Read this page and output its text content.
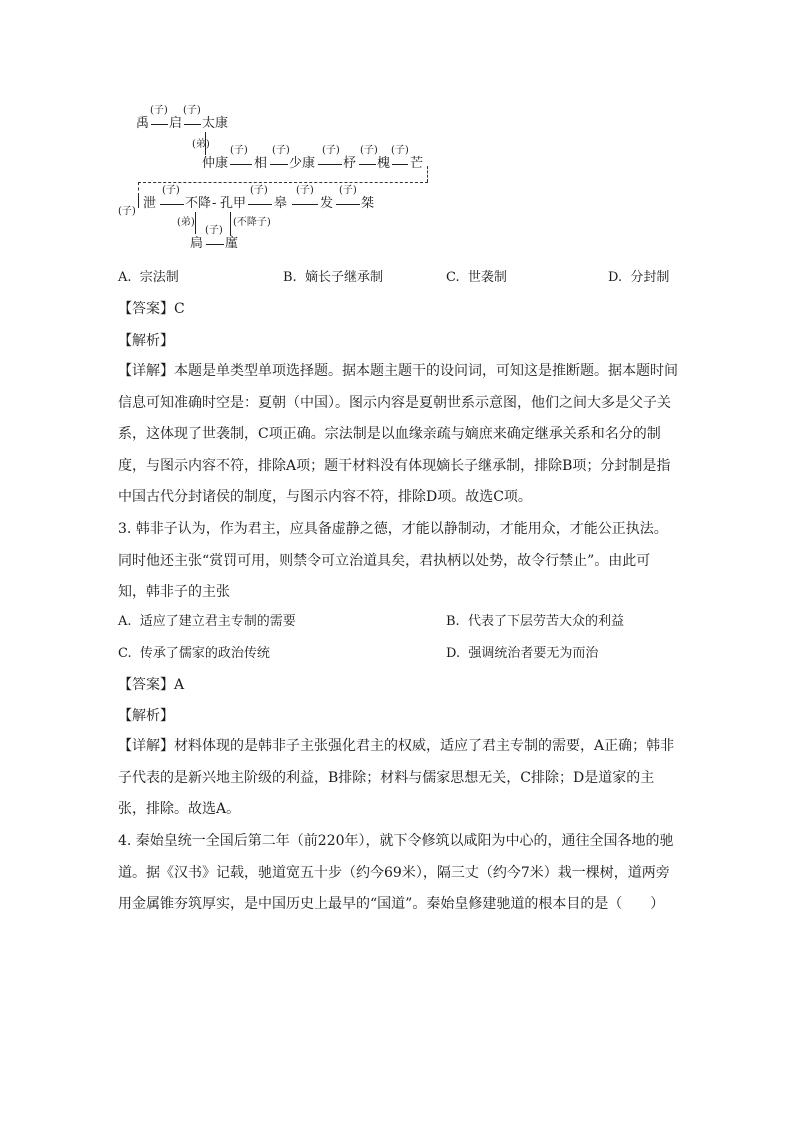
禹
(子)
启
(子)
太康
(弟)
仲康
(子)
相
(子)
少康
(子)
杼
(子)
槐
(子)
芒
(子)
泄
(子)
不降 - 孔甲
(子)
皋
(子)
发
(子)
桀
(弟)	(不降子)
扃
(子)
廑
A. 宗法制	B. 嫡长子继承制	C. 世袭制	D. 分封制
【答案】C
【解析】
【详解】本题是单类型单项选择题。据本题主题干的设问词，可知这是推断题。据本题时间信息可知准确时空是：夏朝（中国）。图示内容是夏朝世系示意图，他们之间大多是父子关系，这体现了世袭制，C项正确。宗法制是以血缘亲疏与嫡庶来确定继承关系和名分的制度，与图示内容不符，排除A项；题干材料没有体现嫡长子继承制，排除B项；分封制是指中国古代分封诸侯的制度，与图示内容不符，排除D项。故选C项。
3. 韩非子认为，作为君主，应具备虚静之德，才能以静制动，才能用众，才能公正执法。同时他还主张“赏罚可用，则禁令可立治道具矣，君执柄以处势，故令行禁止”。由此可知，韩非子的主张
A. 适应了建立君主专制的需要	B. 代表了下层劳苦大众的利益
C. 传承了儒家的政治传统	D. 强调统治者要无为而治
【答案】A
【解析】
【详解】材料体现的是韩非子主张强化君主的权威，适应了君主专制的需要，A正确；韩非子代表的是新兴地主阶级的利益，B排除；材料与儒家思想无关，C排除；D是道家的主张，排除。故选A。
4. 秦始皇统一全国后第二年（前220年），就下令修筑以咸阳为中心的，通往全国各地的驰道。据《汉书》记载，驰道宽五十步（约今69米），隔三丈（约今7米）栽一棵树，道两旁用金属锥夯筑厚实，是中国历史上最早的“国道”。秦始皇修建驰道的根本目的是（　　）
